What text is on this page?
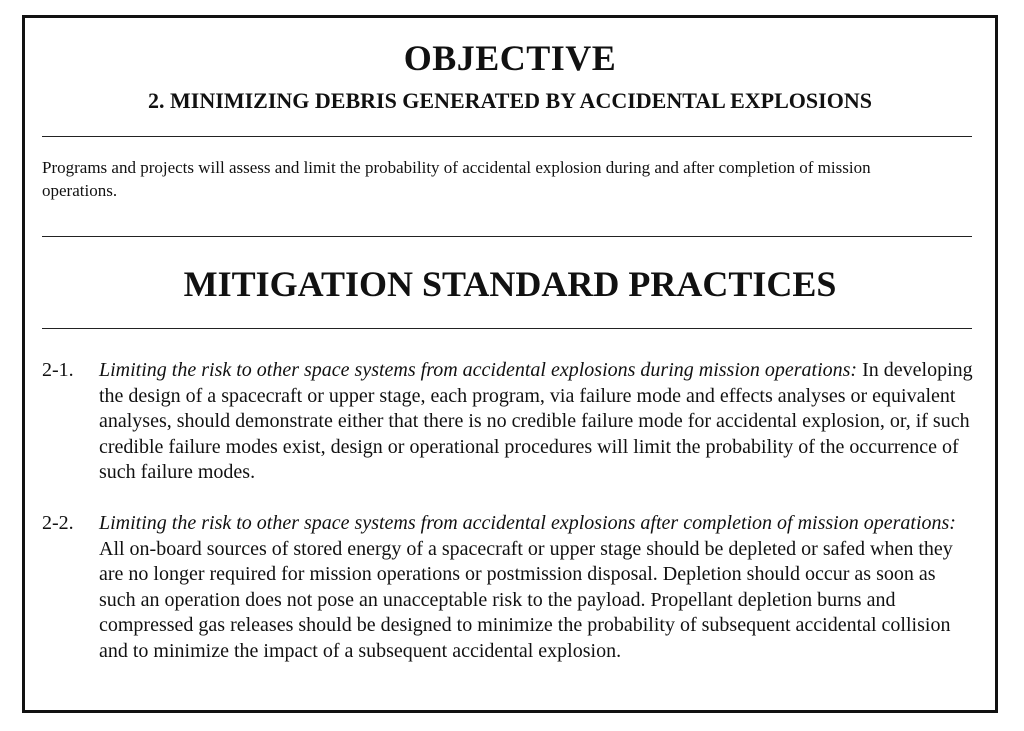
OBJECTIVE
2. MINIMIZING DEBRIS GENERATED BY ACCIDENTAL EXPLOSIONS
Programs and projects will assess and limit the probability of accidental explosion during and after completion of mission operations.
MITIGATION STANDARD PRACTICES
2-1.	Limiting the risk to other space systems from accidental explosions during mission operations: In developing the design of a spacecraft or upper stage, each program, via failure mode and effects analyses or equivalent analyses, should demonstrate either that there is no credible failure mode for accidental explosion, or, if such credible failure modes exist, design or operational procedures will limit the probability of the occurrence of such failure modes.
2-2.	Limiting the risk to other space systems from accidental explosions after completion of mission operations: All on-board sources of stored energy of a spacecraft or upper stage should be depleted or safed when they are no longer required for mission operations or postmission disposal. Depletion should occur as soon as such an operation does not pose an unacceptable risk to the payload. Propellant depletion burns and compressed gas releases should be designed to minimize the probability of subsequent accidental collision and to minimize the impact of a subsequent accidental explosion.
